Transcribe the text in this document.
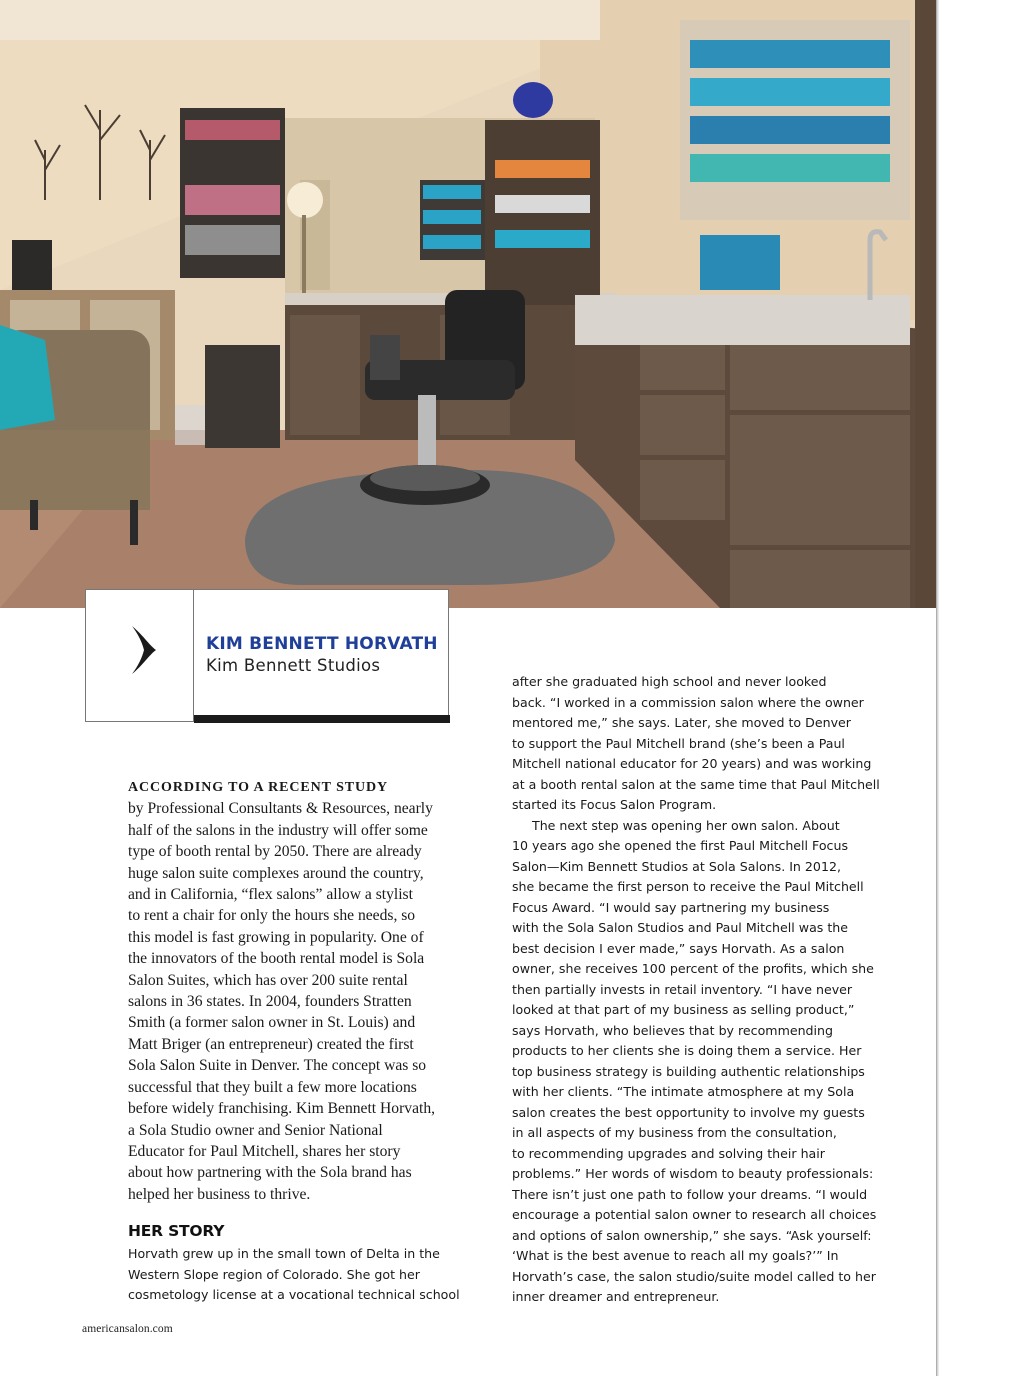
KIM BENNETT HORVATH
Kim Bennett Studios
ACCORDING TO A RECENT STUDY
by Professional Consultants & Resources, nearly
half of the salons in the industry will offer some
type of booth rental by 2050. There are already
huge salon suite complexes around the country,
and in California, “flex salons” allow a stylist
to rent a chair for only the hours she needs, so
this model is fast growing in popularity. One of
the innovators of the booth rental model is Sola
Salon Suites, which has over 200 suite rental
salons in 36 states. In 2004, founders Stratten
Smith (a former salon owner in St. Louis) and
Matt Briger (an entrepreneur) created the first
Sola Salon Suite in Denver. The concept was so
successful that they built a few more locations
before widely franchising. Kim Bennett Horvath,
a Sola Studio owner and Senior National
Educator for Paul Mitchell, shares her story
about how partnering with the Sola brand has
helped her business to thrive.
HER STORY
Horvath grew up in the small town of Delta in the
Western Slope region of Colorado. She got her
cosmetology license at a vocational technical school
after she graduated high school and never looked
back. “I worked in a commission salon where the owner
mentored me,” she says. Later, she moved to Denver
to support the Paul Mitchell brand (she’s been a Paul
Mitchell national educator for 20 years) and was working
at a booth rental salon at the same time that Paul Mitchell
started its Focus Salon Program.
The next step was opening her own salon. About
10 years ago she opened the first Paul Mitchell Focus
Salon—Kim Bennett Studios at Sola Salons. In 2012,
she became the first person to receive the Paul Mitchell
Focus Award. “I would say partnering my business
with the Sola Salon Studios and Paul Mitchell was the
best decision I ever made,” says Horvath. As a salon
owner, she receives 100 percent of the profits, which she
then partially invests in retail inventory. “I have never
looked at that part of my business as selling product,”
says Horvath, who believes that by recommending
products to her clients she is doing them a service. Her
top business strategy is building authentic relationships
with her clients. “The intimate atmosphere at my Sola
salon creates the best opportunity to involve my guests
in all aspects of my business from the consultation,
to recommending upgrades and solving their hair
problems.” Her words of wisdom to beauty professionals:
There isn’t just one path to follow your dreams. “I would
encourage a potential salon owner to research all choices
and options of salon ownership,” she says. “Ask yourself:
‘What is the best avenue to reach all my goals?’” In
Horvath’s case, the salon studio/suite model called to her
inner dreamer and entrepreneur.
americansalon.com
